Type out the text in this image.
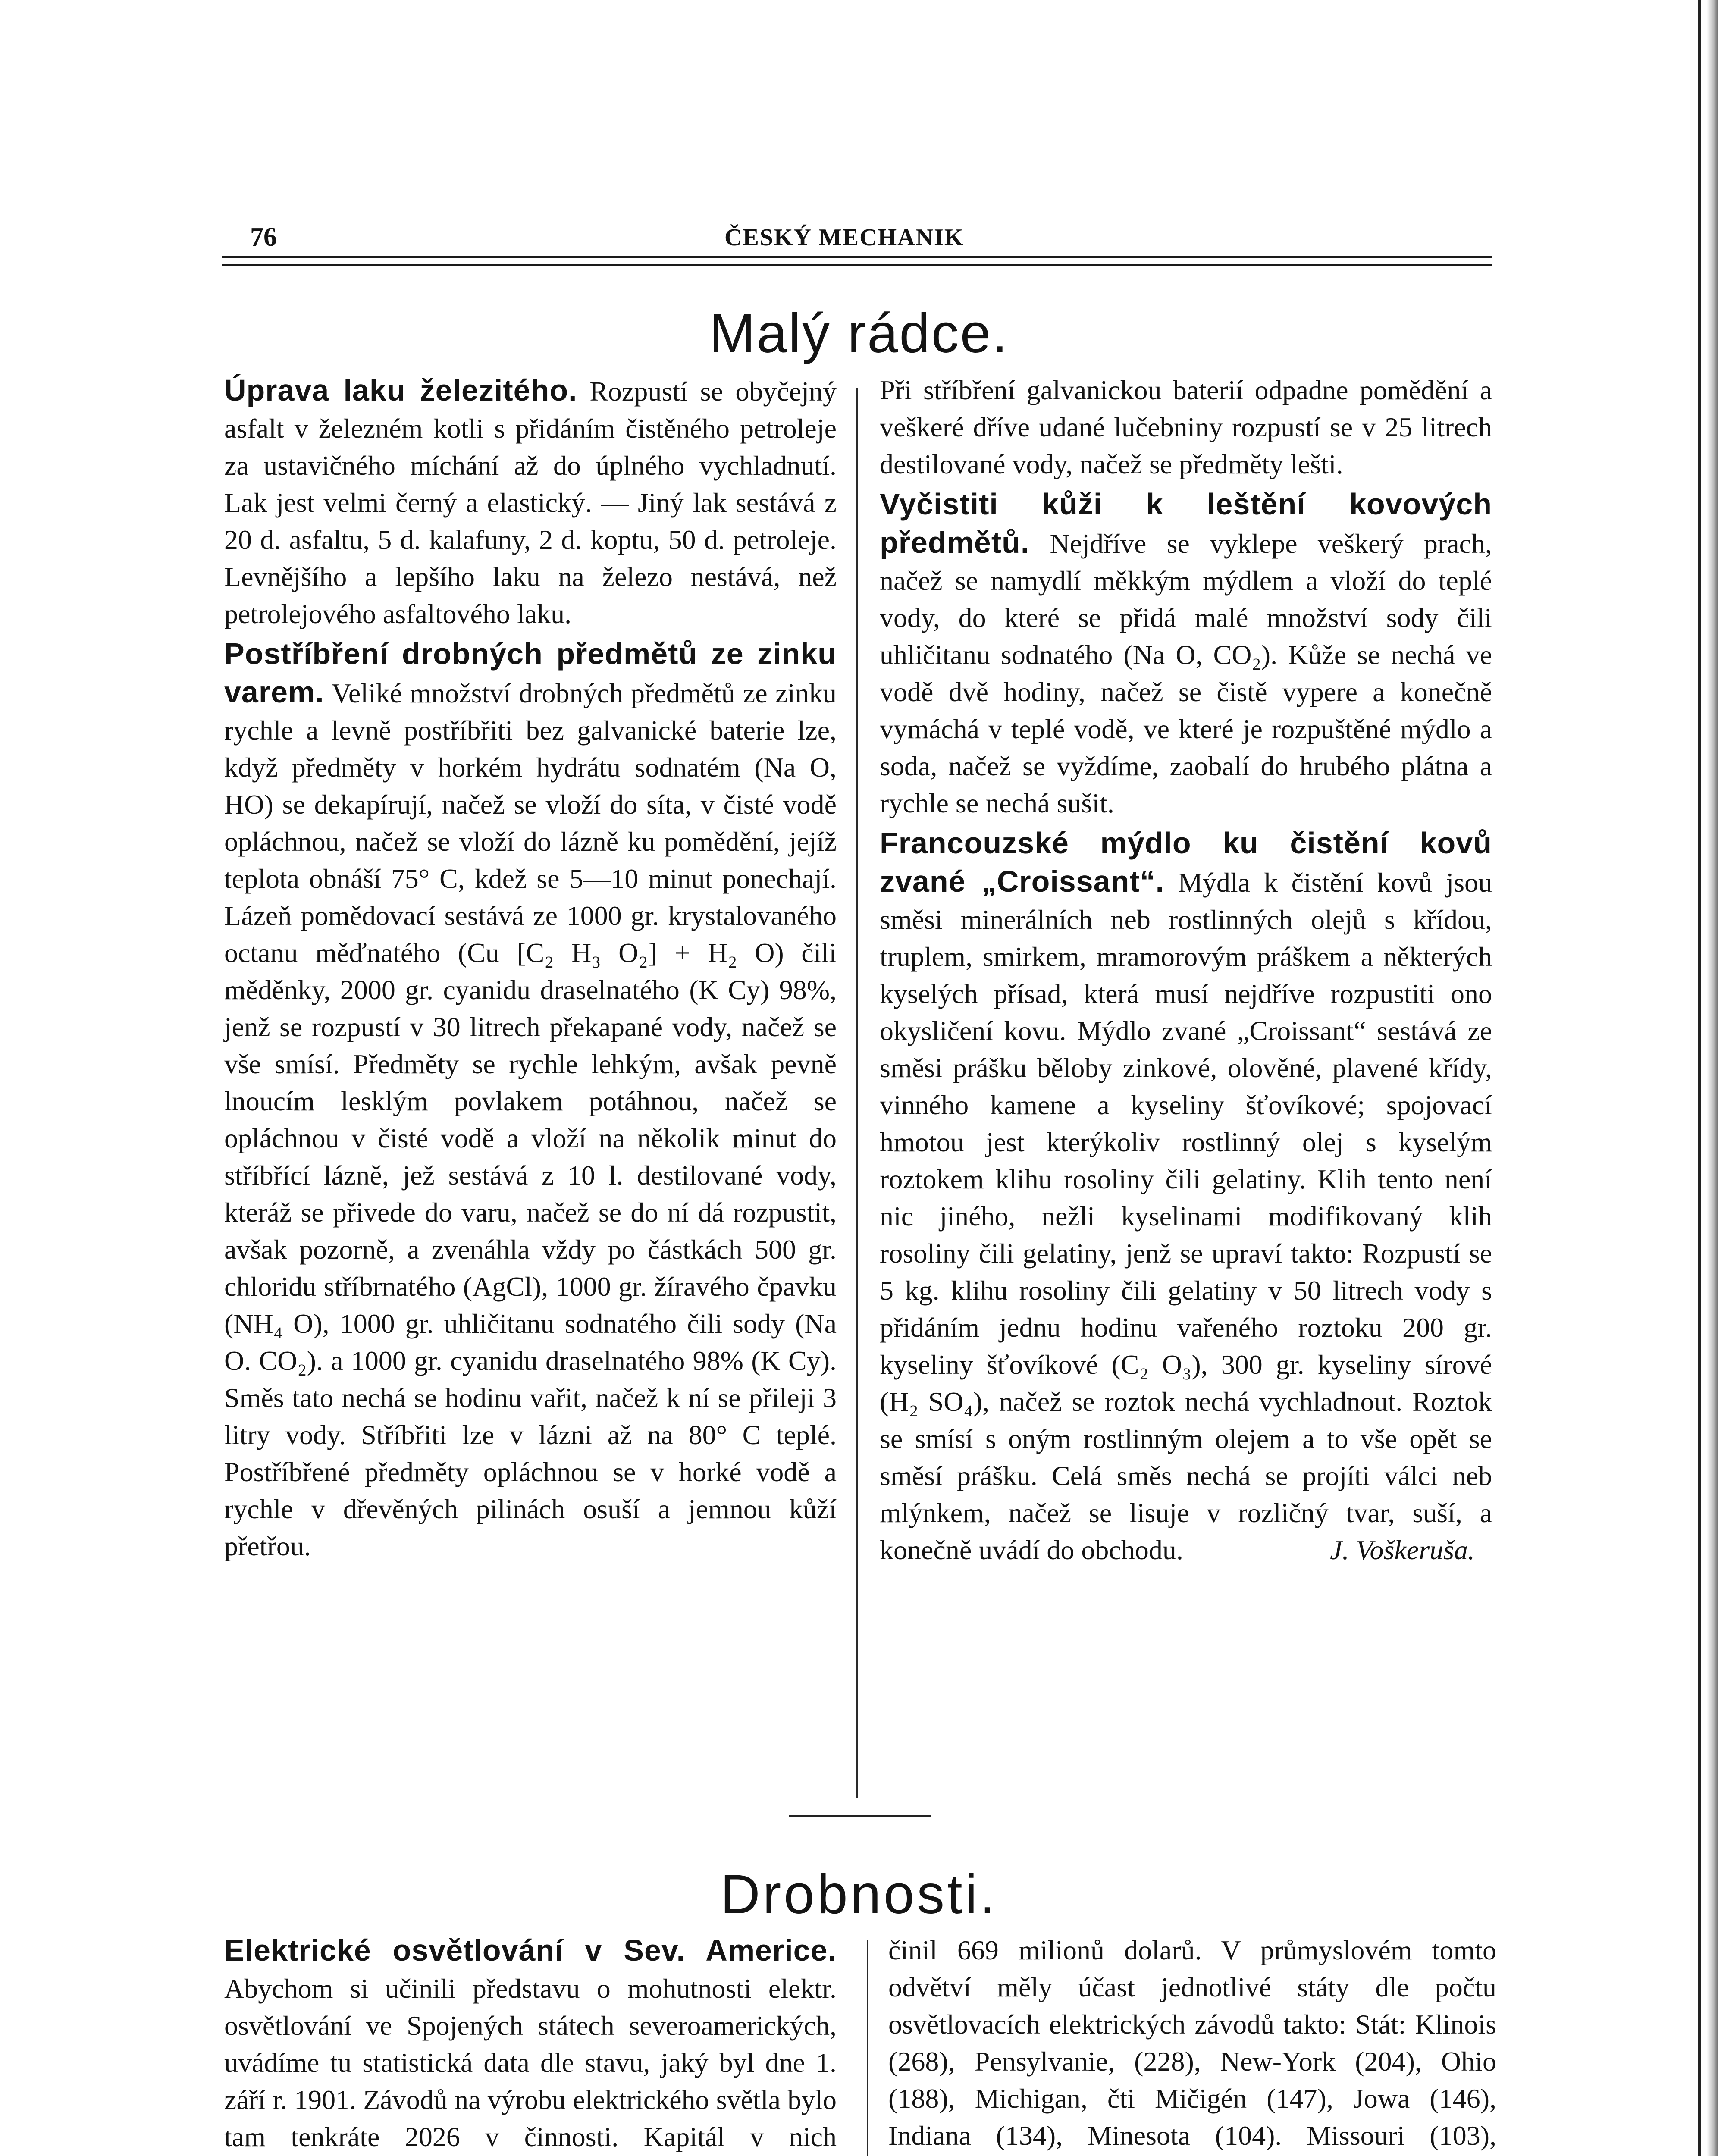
76	ČESKÝ MECHANIK
Malý rádce.

Úprava laku železitého. Rozpustí se obyčejný asfalt v železném kotli s přidáním čistěného petroleje za ustavičného míchání až do úplného vychladnutí. Lak jest velmi černý a elastický. — Jiný lak sestává z 20 d. asfaltu, 5 d. kalafuny, 2 d. koptu, 50 d. petroleje. Levnějšího a lepšího laku na železo nestává, než petrolejového asfaltového laku.

Postříbření drobných předmětů ze zinku varem. Veliké množství drobných předmětů ze zinku rychle a levně postříbřiti bez galvanické baterie lze, když předměty v horkém hydrátu sodnatém (Na O, HO) se dekapírují, načež se vloží do síta, v čisté vodě opláchnou, načež se vloží do lázně ku pomědění, jejíž teplota obnáší 75° C, kdež se 5—10 minut ponechají. Lázeň pomědovací sestává ze 1000 gr. krystalovaného octanu měďnatého (Cu [C₂ H₃ O₂] + H₂ O) čili měděnky, 2000 gr. cyanidu draselnatého (K Cy) 98%, jenž se rozpustí v 30 litrech překapané vody, načež se vše smísí. Předměty se rychle lehkým, avšak pevně lnoucím lesklým povlakem potáhnou, načež se opláchnou v čisté vodě a vloží na několik minut do stříbřící lázně, jež sestává z 10 l. destilované vody, kteráž se přivede do varu, načež se do ní dá rozpustit, avšak pozorně, a zvenáhla vždy po částkách 500 gr. chloridu stříbrnatého (AgCl), 1000 gr. žíravého čpavku (NH₄ O), 1000 gr. uhličitanu sodnatého čili sody (Na O. CO₂). a 1000 gr. cyanidu draselnatého 98% (K Cy). Směs tato nechá se hodinu vařit, načež k ní se přileji 3 litry vody. Stříbřiti lze v lázni až na 80° C teplé. Postříbřené předměty opláchnou se v horké vodě a rychle v dřevěných pilinách osuší a jemnou kůží přetřou.

Při stříbření galvanickou baterií odpadne pomědění a veškeré dříve udané lučebniny rozpustí se v 25 litrech destilované vody, načež se předměty lešti.

Vyčistiti kůži k leštění kovových předmětů. Nejdříve se vyklepe veškerý prach, načež se namydlí měkkým mýdlem a vloží do teplé vody, do které se přidá malé množství sody čili uhličitanu sodnatého (Na O, CO₂). Kůže se nechá ve vodě dvě hodiny, načež se čistě vypere a konečně vymáchá v teplé vodě, ve které je rozpuštěné mýdlo a soda, načež se vyždíme, zaobalí do hrubého plátna a rychle se nechá sušit.

Francouzské mýdlo ku čistění kovů zvané „Croissant“. Mýdla k čistění kovů jsou směsi minerálních neb rostlinných olejů s křídou, truplem, smirkem, mramorovým práškem a některých kyselých přísad, která musí nejdříve rozpustiti ono okysličení kovu. Mýdlo zvané „Croissant“ sestává ze směsi prášku běloby zinkové, olověné, plavené křídy, vinného kamene a kyseliny šťovíkové; spojovací hmotou jest kterýkoliv rostlinný olej s kyselým roztokem klihu rosoliny čili gelatiny. Klih tento není nic jiného, nežli kyselinami modifikovaný klih rosoliny čili gelatiny, jenž se upraví takto: Rozpustí se 5 kg. klihu rosoliny čili gelatiny v 50 litrech vody s přidáním jednu hodinu vařeného roztoku 200 gr. kyseliny šťovíkové (C₂ O₃), 300 gr. kyseliny sírové (H₂ SO₄), načež se roztok nechá vychladnout. Roztok se smísí s oným rostlinným olejem a to vše opět se směsí prášku. Celá směs nechá se projíti válci neb mlýnkem, načež se lisuje v rozličný tvar, suší, a konečně uvádí do obchodu.	J. Voškeruša.

Drobnosti.

Elektrické osvětlování v Sev. Americe. Abychom si učinili představu o mohutnosti elektr. osvětlování ve Spojených státech severoamerických, uvádíme tu statistická data dle stavu, jaký byl dne 1. září r. 1901. Závodů na výrobu elektrického světla bylo tam tenkráte 2026 v činnosti. Kapitál v nich

činil 669 milionů dolarů. V průmyslovém tomto odvětví měly účast jednotlivé státy dle počtu osvětlovacích elektrických závodů takto: Stát: Klinois (268), Pensylvanie, (228), New-York (204), Ohio (188), Michigan, čti Mičigén (147), Jowa (146), Indiana (134), Minesota (104). Missouri (103),
